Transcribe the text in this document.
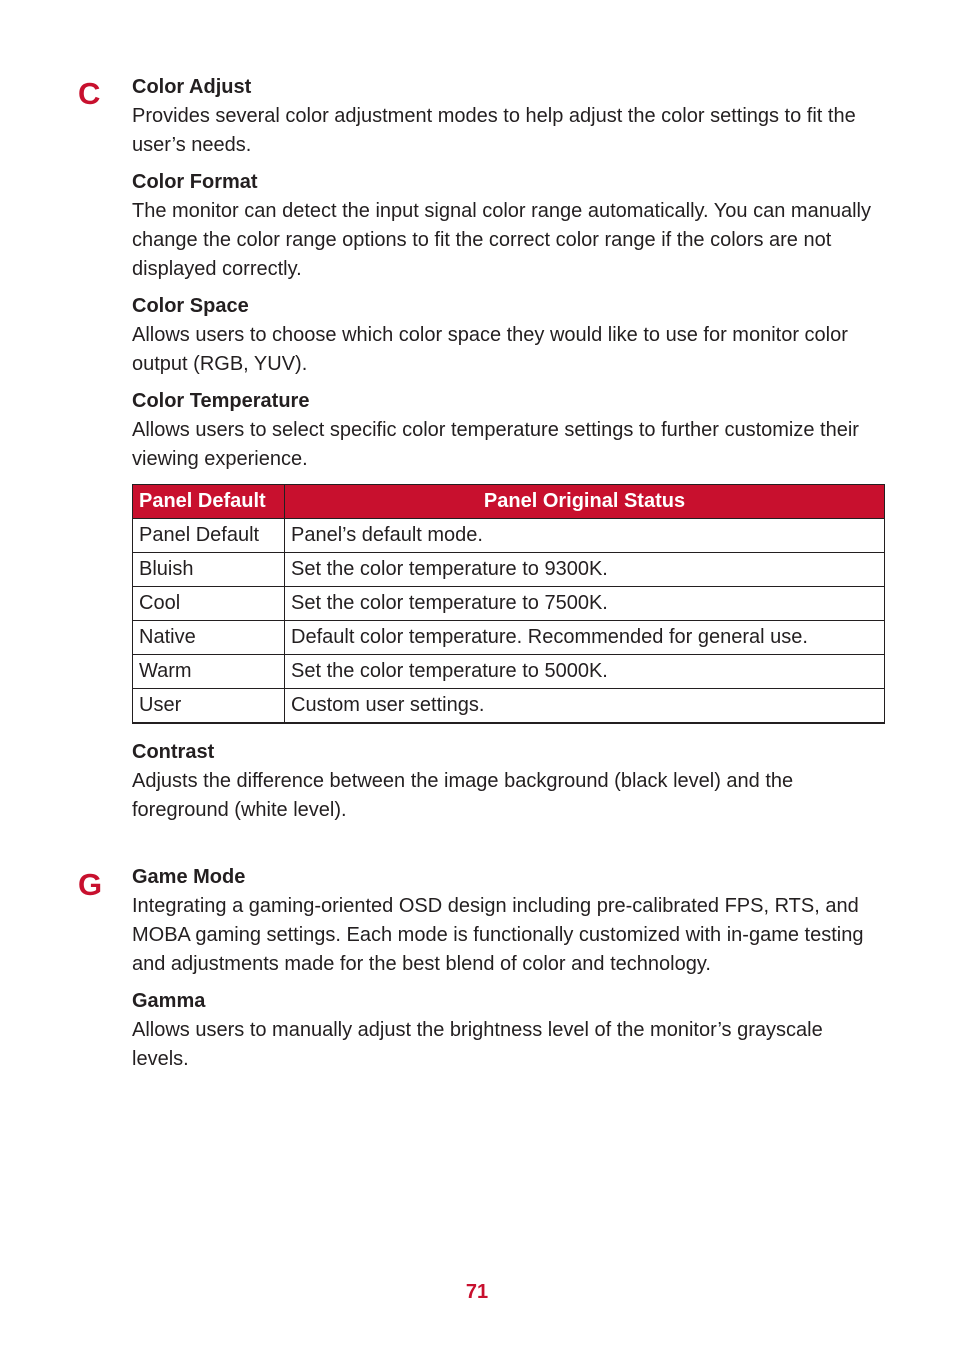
C Color Adjust

Provides several color adjustment modes to help adjust the color settings to fit the user’s needs.

Color Format

The monitor can detect the input signal color range automatically. You can manually change the color range options to fit the correct color range if the colors are not displayed correctly.

Color Space

Allows users to choose which color space they would like to use for monitor color output (RGB, YUV).

Color Temperature

Allows users to select specific color temperature settings to further customize their viewing experience.

Panel Default	Panel Original Status
Panel Default	Panel’s default mode.
Bluish	Set the color temperature to 9300K.
Cool	Set the color temperature to 7500K.
Native	Default color temperature. Recommended for general use.
Warm	Set the color temperature to 5000K.
User	Custom user settings.

Contrast

Adjusts the difference between the image background (black level) and the foreground (white level).

G Game Mode

Integrating a gaming-oriented OSD design including pre-calibrated FPS, RTS, and MOBA gaming settings. Each mode is functionally customized with in-game testing and adjustments made for the best blend of color and technology.

Gamma

Allows users to manually adjust the brightness level of the monitor’s grayscale levels.

71
